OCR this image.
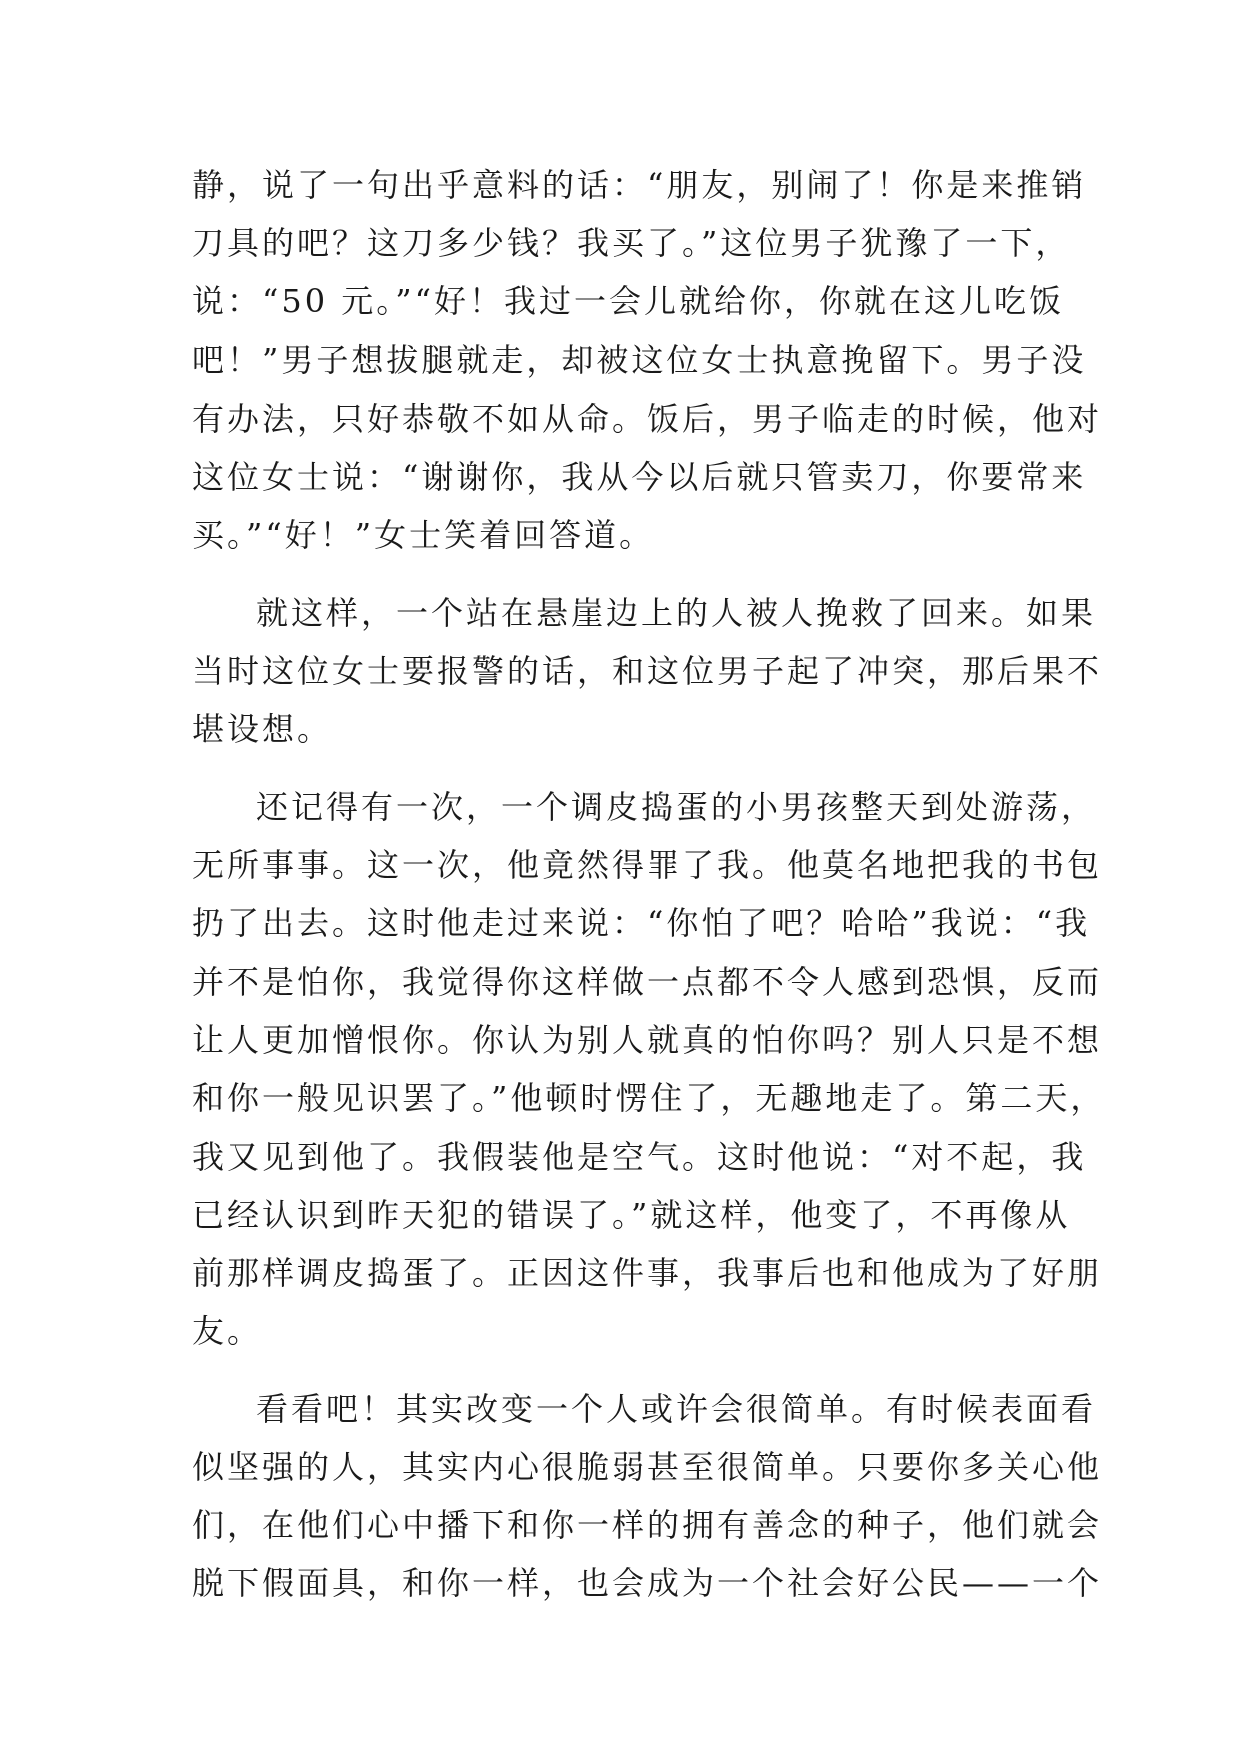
静，说了一句出乎意料的话：“朋友，别闹了！你是来推销
刀具的吧？这刀多少钱？我买了。”这位男子犹豫了一下，
说：“50 元。”“好！我过一会儿就给你，你就在这儿吃饭
吧！”男子想拔腿就走，却被这位女士执意挽留下。男子没
有办法，只好恭敬不如从命。饭后，男子临走的时候，他对
这位女士说：“谢谢你，我从今以后就只管卖刀，你要常来
买。”“好！”女士笑着回答道。
就这样，一个站在悬崖边上的人被人挽救了回来。如果
当时这位女士要报警的话，和这位男子起了冲突，那后果不
堪设想。
还记得有一次，一个调皮捣蛋的小男孩整天到处游荡，
无所事事。这一次，他竟然得罪了我。他莫名地把我的书包
扔了出去。这时他走过来说：“你怕了吧？哈哈”我说：“我
并不是怕你，我觉得你这样做一点都不令人感到恐惧，反而
让人更加憎恨你。你认为别人就真的怕你吗？别人只是不想
和你一般见识罢了。”他顿时愣住了，无趣地走了。第二天，
我又见到他了。我假装他是空气。这时他说：“对不起，我
已经认识到昨天犯的错误了。”就这样，他变了，不再像从
前那样调皮捣蛋了。正因这件事，我事后也和他成为了好朋
友。
看看吧！其实改变一个人或许会很简单。有时候表面看
似坚强的人，其实内心很脆弱甚至很简单。只要你多关心他
们，在他们心中播下和你一样的拥有善念的种子，他们就会
脱下假面具，和你一样，也会成为一个社会好公民——一个
